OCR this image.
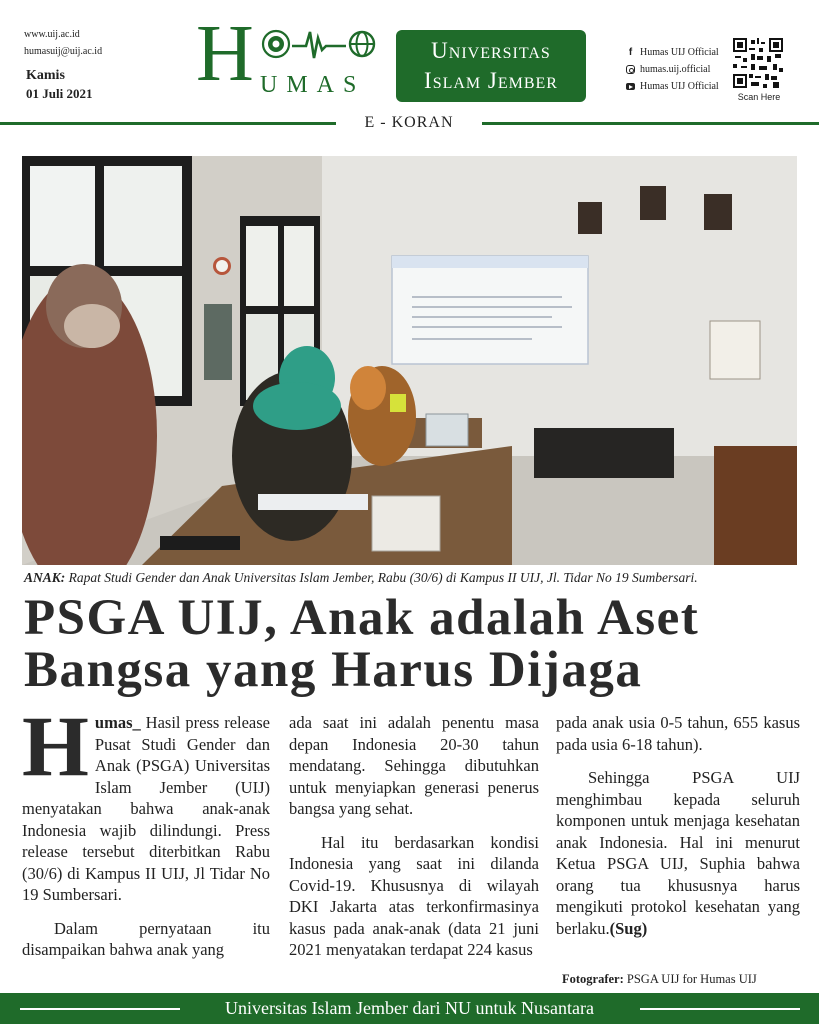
www.uij.ac.id
humasuij@uij.ac.id
Kamis
01 Juli 2021 H UMAS
Universitas
Islam Jember
f Humas UIJ Official
humas.uij.official
Humas UIJ Official
Scan Here
E - KORAN
ANAK: Rapat Studi Gender dan Anak Universitas Islam Jember, Rabu (30/6) di Kampus II UIJ, Jl. Tidar No 19 Sumbersari.
PSGA UIJ, Anak adalah Aset
Bangsa yang Harus Dijaga

H umas_ Hasil press release Pusat Studi Gender dan Anak (PSGA) Universitas Islam Jember (UIJ) menyatakan bahwa anak-anak Indonesia wajib dilindungi. Press release tersebut diterbitkan Rabu (30/6) di Kampus II UIJ, Jl Tidar No 19 Sumbersari.

Dalam pernyataan itu disampaikan bahwa anak yang

ada saat ini adalah penentu masa depan Indonesia 20-30 tahun mendatang. Sehingga dibutuhkan untuk menyiapkan generasi penerus bangsa yang sehat.

Hal itu berdasarkan kondisi Indonesia yang saat ini dilanda Covid-19. Khususnya di wilayah DKI Jakarta atas terkonfirmasinya kasus pada anak-anak (data 21 juni 2021 menyatakan terdapat 224 kasus

pada anak usia 0-5 tahun, 655 kasus pada usia 6-18 tahun).

Sehingga PSGA UIJ menghimbau kepada seluruh komponen untuk menjaga kesehatan anak Indonesia. Hal ini menurut Ketua PSGA UIJ, Suphia bahwa orang tua khususnya harus mengikuti protokol kesehatan yang berlaku.(Sug)

Fotografer: PSGA UIJ for Humas UIJ
Universitas Islam Jember dari NU untuk Nusantara
